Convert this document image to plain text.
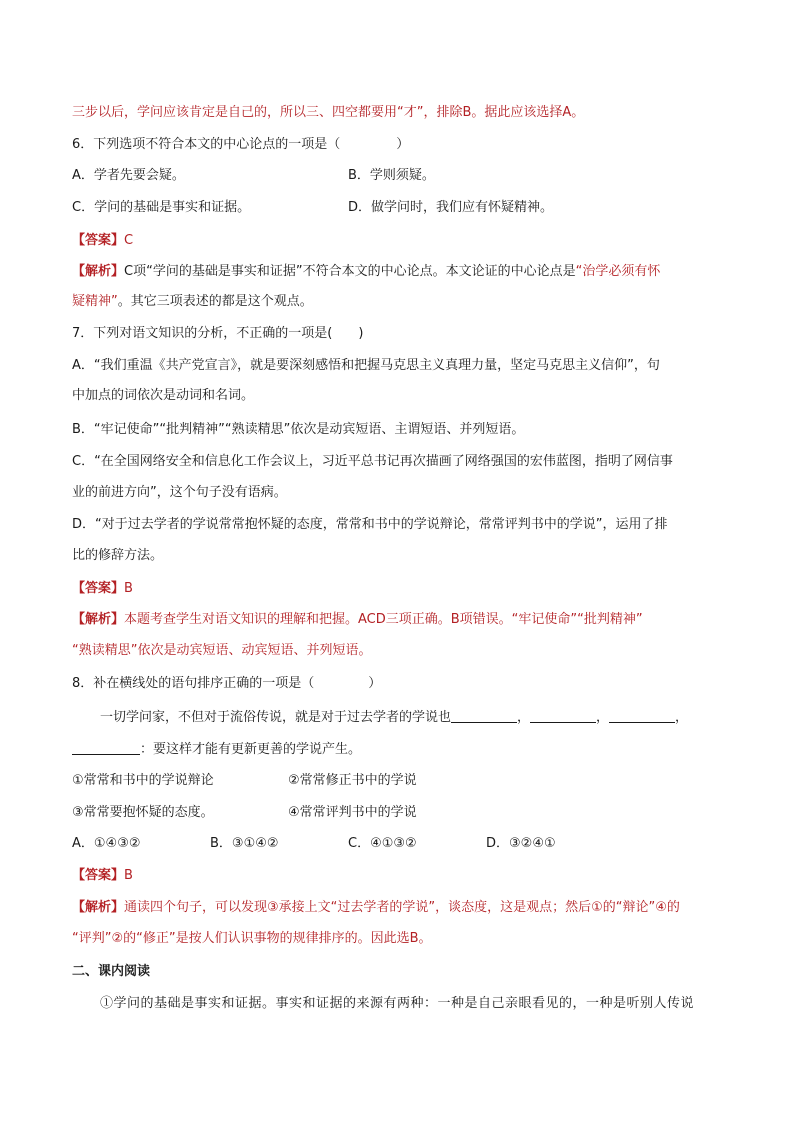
三步以后，学问应该肯定是自己的，所以三、四空都要用“才”，排除B。据此应该选择A。
6．下列选项不符合本文的中心论点的一项是（	）
A．学者先要会疑。	B．学则须疑。
C．学问的基础是事实和证据。	D．做学问时，我们应有怀疑精神。
【答案】C
【解析】C项“学问的基础是事实和证据”不符合本文的中心论点。本文论证的中心论点是“治学必须有怀
疑精神”。其它三项表述的都是这个观点。
7．下列对语文知识的分析，不正确的一项是( )
A．“我们重温《共产党宣言》，就是要深刻感悟和把握马克思主义真理力量，坚定马克思主义信仰”，句
中加点的词依次是动词和名词。
B．“牢记使命”“批判精神”“熟读精思”依次是动宾短语、主谓短语、并列短语。
C．“在全国网络安全和信息化工作会议上，习近平总书记再次描画了网络强国的宏伟蓝图，指明了网信事
业的前进方向”，这个句子没有语病。
D．“对于过去学者的学说常常抱怀疑的态度，常常和书中的学说辩论，常常评判书中的学说”，运用了排
比的修辞方法。
【答案】B
【解析】本题考查学生对语文知识的理解和把握。ACD三项正确。B项错误。“牢记使命”“批判精神”
“熟读精思”依次是动宾短语、动宾短语、并列短语。
8．补在横线处的语句排序正确的一项是（	）
一切学问家，不但对于流俗传说，就是对于过去学者的学说也	，	，	，
：要这样才能有更新更善的学说产生。
①常常和书中的学说辩论	②常常修正书中的学说
③常常要抱怀疑的态度。	④常常评判书中的学说
A．①④③②	B．③①④②	C．④①③②	D．③②④①
【答案】B
【解析】通读四个句子，可以发现③承接上文“过去学者的学说”，谈态度，这是观点；然后①的“辩论”④的
“评判”②的“修正”是按人们认识事物的规律排序的。因此选B。
二、课内阅读
①学问的基础是事实和证据。事实和证据的来源有两种：一种是自己亲眼看见的，一种是听别人传说
